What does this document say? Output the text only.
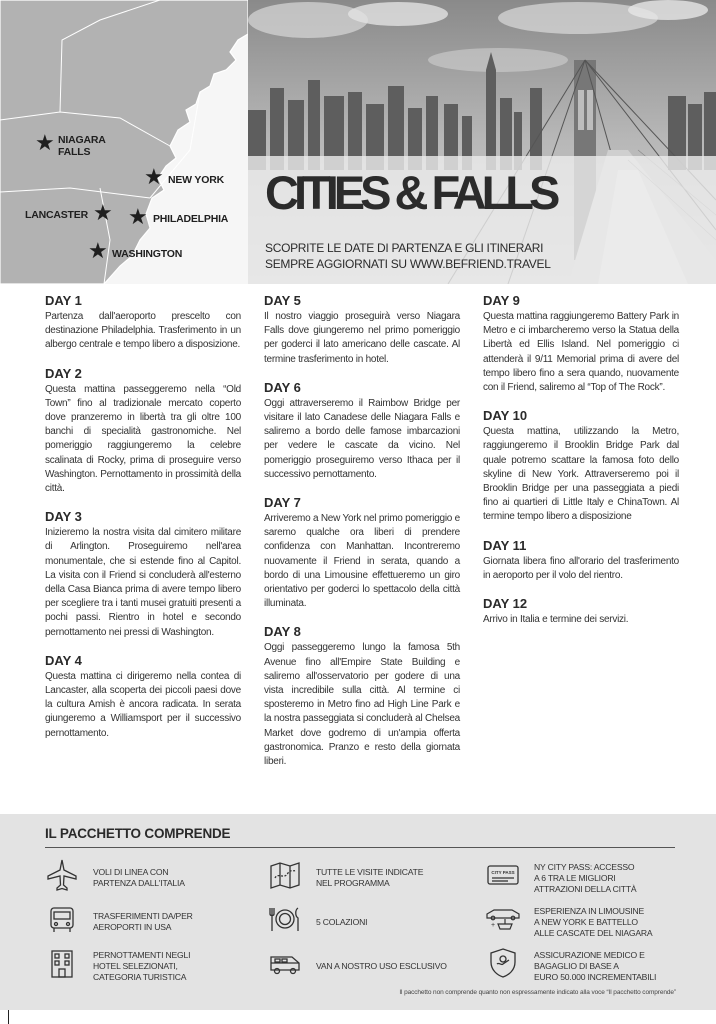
★ NIAGARA
FALLS
★ NEW YORK
★
LANCASTER ★ PHILADELPHIA
★ WASHINGTON
CITIES & FALLS
SCOPRITE LE DATE DI PARTENZA E GLI ITINERARI
SEMPRE AGGIORNATI SU WWW.BEFRIEND.TRAVEL
DAY 1
Partenza dall'aeroporto prescelto con destinazione Philadelphia. Trasferimento in un albergo centrale e tempo libero a disposizione.
DAY 2
Questa mattina passeggeremo nella “Old Town” fino al tradizionale mercato coperto dove pranzeremo in libertà tra gli oltre 100 banchi di specialità gastronomiche. Nel pomeriggio raggiungeremo la celebre scalinata di Rocky, prima di proseguire verso Washington. Pernottamento in prossimità della città.
DAY 3
Inizieremo la nostra visita dal cimitero militare di Arlington. Proseguiremo nell'area monumentale, che si estende fino al Capitol. La visita con il Friend si concluderà all'esterno della Casa Bianca prima di avere tempo libero per scegliere tra i tanti musei gratuiti presenti a pochi passi. Rientro in hotel e secondo pernottamento nei pressi di Washington.
DAY 4
Questa mattina ci dirigeremo nella contea di Lancaster, alla scoperta dei piccoli paesi dove la cultura Amish è ancora radicata. In serata giungeremo a Williamsport per il successivo pernottamento.
DAY 5
Il nostro viaggio proseguirà verso Niagara Falls dove giungeremo nel primo pomeriggio per goderci il lato americano delle cascate. Al termine trasferimento in hotel.
DAY 6
Oggi attraverseremo il Raimbow Bridge per visitare il lato Canadese delle Niagara Falls e saliremo a bordo delle famose imbarcazioni per vedere le cascate da vicino. Nel pomeriggio proseguiremo verso Ithaca per il successivo pernottamento.
DAY 7
Arriveremo a New York nel primo pomeriggio e saremo qualche ora liberi di prendere confidenza con Manhattan. Incontreremo nuovamente il Friend in serata, quando a bordo di una Limousine effettueremo un giro orientativo per goderci lo spettacolo della città illuminata.
DAY 8
Oggi passeggeremo lungo la famosa 5th Avenue fino all'Empire State Building e saliremo all'osservatorio per godere di una vista incredibile sulla città. Al termine ci sposteremo in Metro fino ad High Line Park e la nostra passeggiata si concluderà al Chelsea Market dove godremo di un'ampia offerta gastronomica. Pranzo e resto della giornata liberi.
DAY 9
Questa mattina raggiungeremo Battery Park in Metro e ci imbarcheremo verso la Statua della Libertà ed Ellis Island. Nel pomeriggio ci attenderà il 9/11 Memorial prima di avere del tempo libero fino a sera quando, nuovamente con il Friend, saliremo al “Top of The Rock”.
DAY 10
Questa mattina, utilizzando la Metro, raggiungeremo il Brooklin Bridge Park dal quale potremo scattare la famosa foto dello skyline di New York. Attraverseremo poi il Brooklin Bridge per una passeggiata a piedi fino ai quartieri di Little Italy e ChinaTown. Al termine tempo libero a disposizione
DAY 11
Giornata libera fino all'orario del trasferimento in aeroporto per il volo del rientro.
DAY 12
Arrivo in Italia e termine dei servizi.
IL PACCHETTO COMPRENDE
VOLI DI LINEA CON
PARTENZA DALL'ITALIA
TRASFERIMENTI DA/PER
AEROPORTI IN USA
PERNOTTAMENTI NEGLI
HOTEL SELEZIONATI,
CATEGORIA TURISTICA
TUTTE LE VISITE INDICATE
NEL PROGRAMMA
5 COLAZIONI
VAN A NOSTRO USO ESCLUSIVO
CITY PASS
NY CITY PASS: ACCESSO
A 6 TRA LE MIGLIORI
ATTRAZIONI DELLA CITTÀ
+
ESPERIENZA IN LIMOUSINE
A NEW YORK E BATTELLO
ALLE CASCATE DEL NIAGARA
ASSICURAZIONE MEDICO E
BAGAGLIO DI BASE A
EURO 50.000 INCREMENTABILI
Il pacchetto non comprende quanto non espressamente indicato alla voce “Il pacchetto comprende”
